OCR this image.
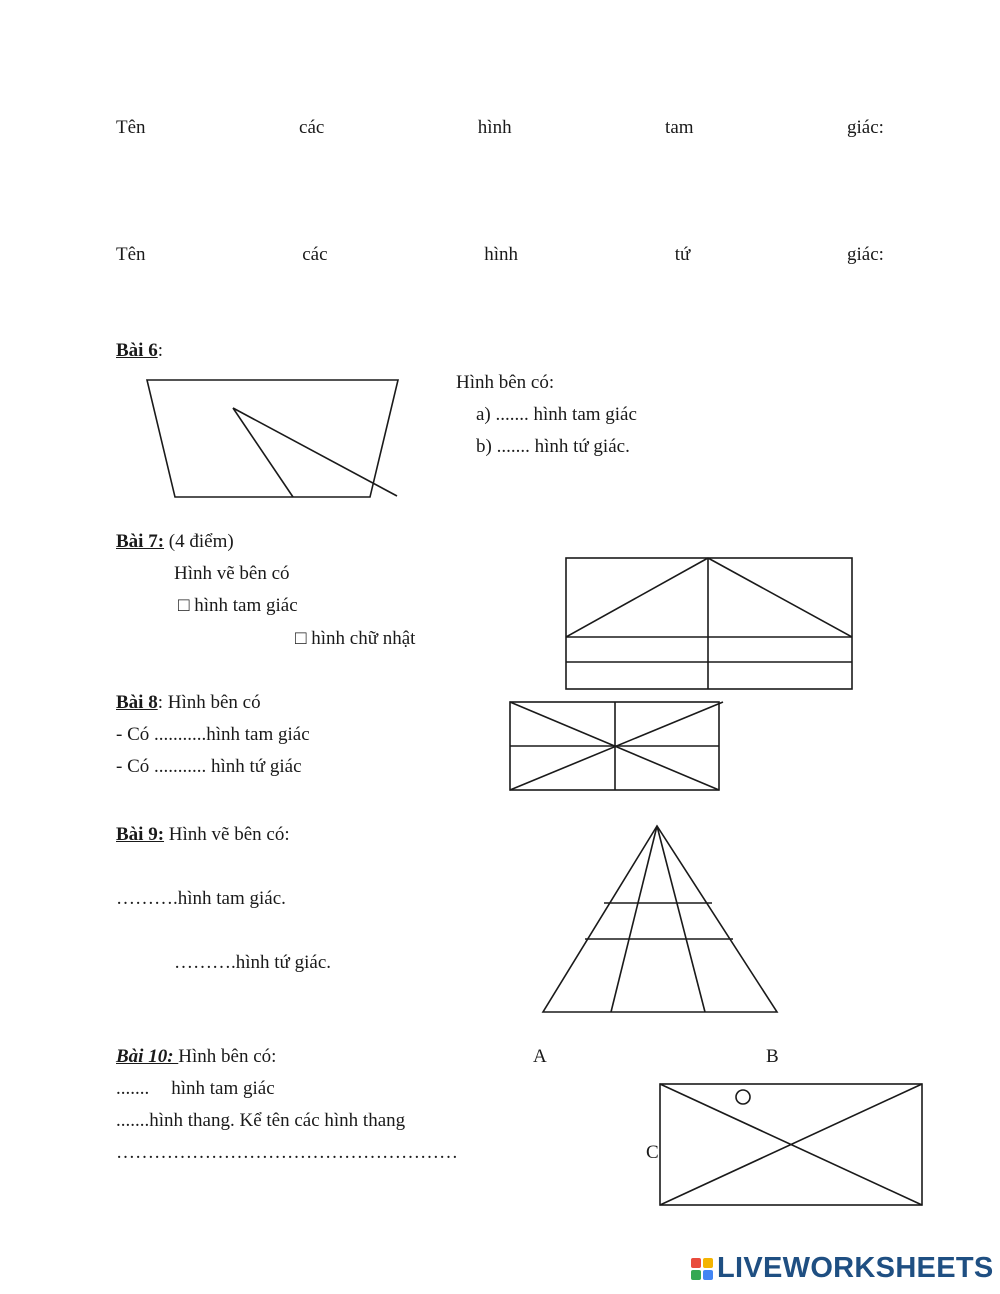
Tên	các	hình	tam	giác:
Tên	các	hình	tứ	giác:
Bài 6:
Hình bên có:
a) ....... hình tam giác
b) ....... hình tứ giác.
Bài 7: (4 điểm)
Hình vẽ bên có
□ hình tam giác
□ hình chữ nhật
Bài 8: Hình bên có
- Có ...........hình tam giác
- Có ........... hình tứ giác
Bài 9: Hình vẽ bên có:
……….hình tam giác.
……….hình tứ giác.
Bài 10: Hình bên có:
....... hình tam giác
.......hình thang. Kể tên các hình thang
………………………………………………
A	B
C
LIVEWORKSHEETS
